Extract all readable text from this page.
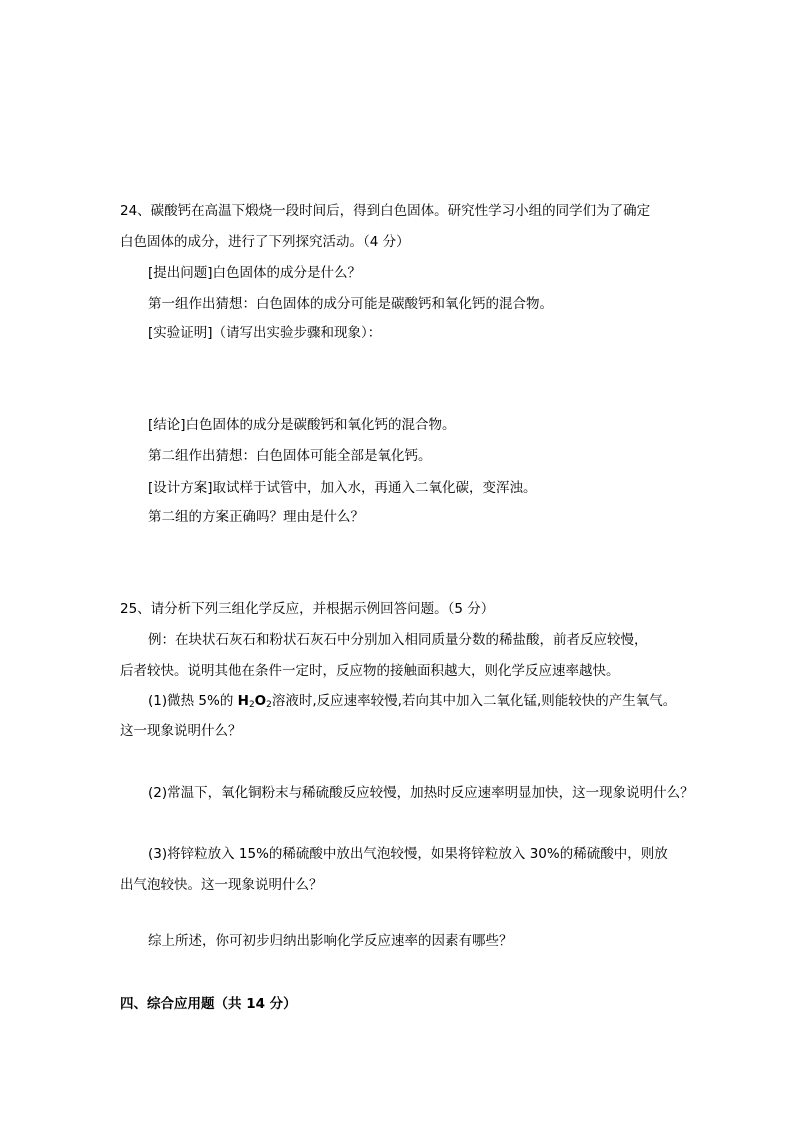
24、碳酸钙在高温下煅烧一段时间后，得到白色固体。研究性学习小组的同学们为了确定
白色固体的成分，进行了下列探究活动。（4 分）
[提出问题]白色固体的成分是什么？
第一组作出猜想：白色固体的成分可能是碳酸钙和氧化钙的混合物。
[实验证明]（请写出实验步骤和现象）：
[结论]白色固体的成分是碳酸钙和氧化钙的混合物。
第二组作出猜想：白色固体可能全部是氧化钙。
[设计方案]取试样于试管中，加入水，再通入二氧化碳，变浑浊。
第二组的方案正确吗？理由是什么？
25、请分析下列三组化学反应，并根据示例回答问题。（5 分）
例：在块状石灰石和粉状石灰石中分别加入相同质量分数的稀盐酸，前者反应较慢，
后者较快。说明其他在条件一定时，反应物的接触面积越大，则化学反应速率越快。
(1)微热 5%的 $H_2O_2$溶液时,反应速率较慢,若向其中加入二氧化锰,则能较快的产生氧气。
这一现象说明什么？
(2)常温下，氧化铜粉末与稀硫酸反应较慢，加热时反应速率明显加快，这一现象说明什么？
(3)将锌粒放入 15%的稀硫酸中放出气泡较慢，如果将锌粒放入 30%的稀硫酸中，则放
出气泡较快。这一现象说明什么？
综上所述，你可初步归纳出影响化学反应速率的因素有哪些？
四、综合应用题（共 14 分）
